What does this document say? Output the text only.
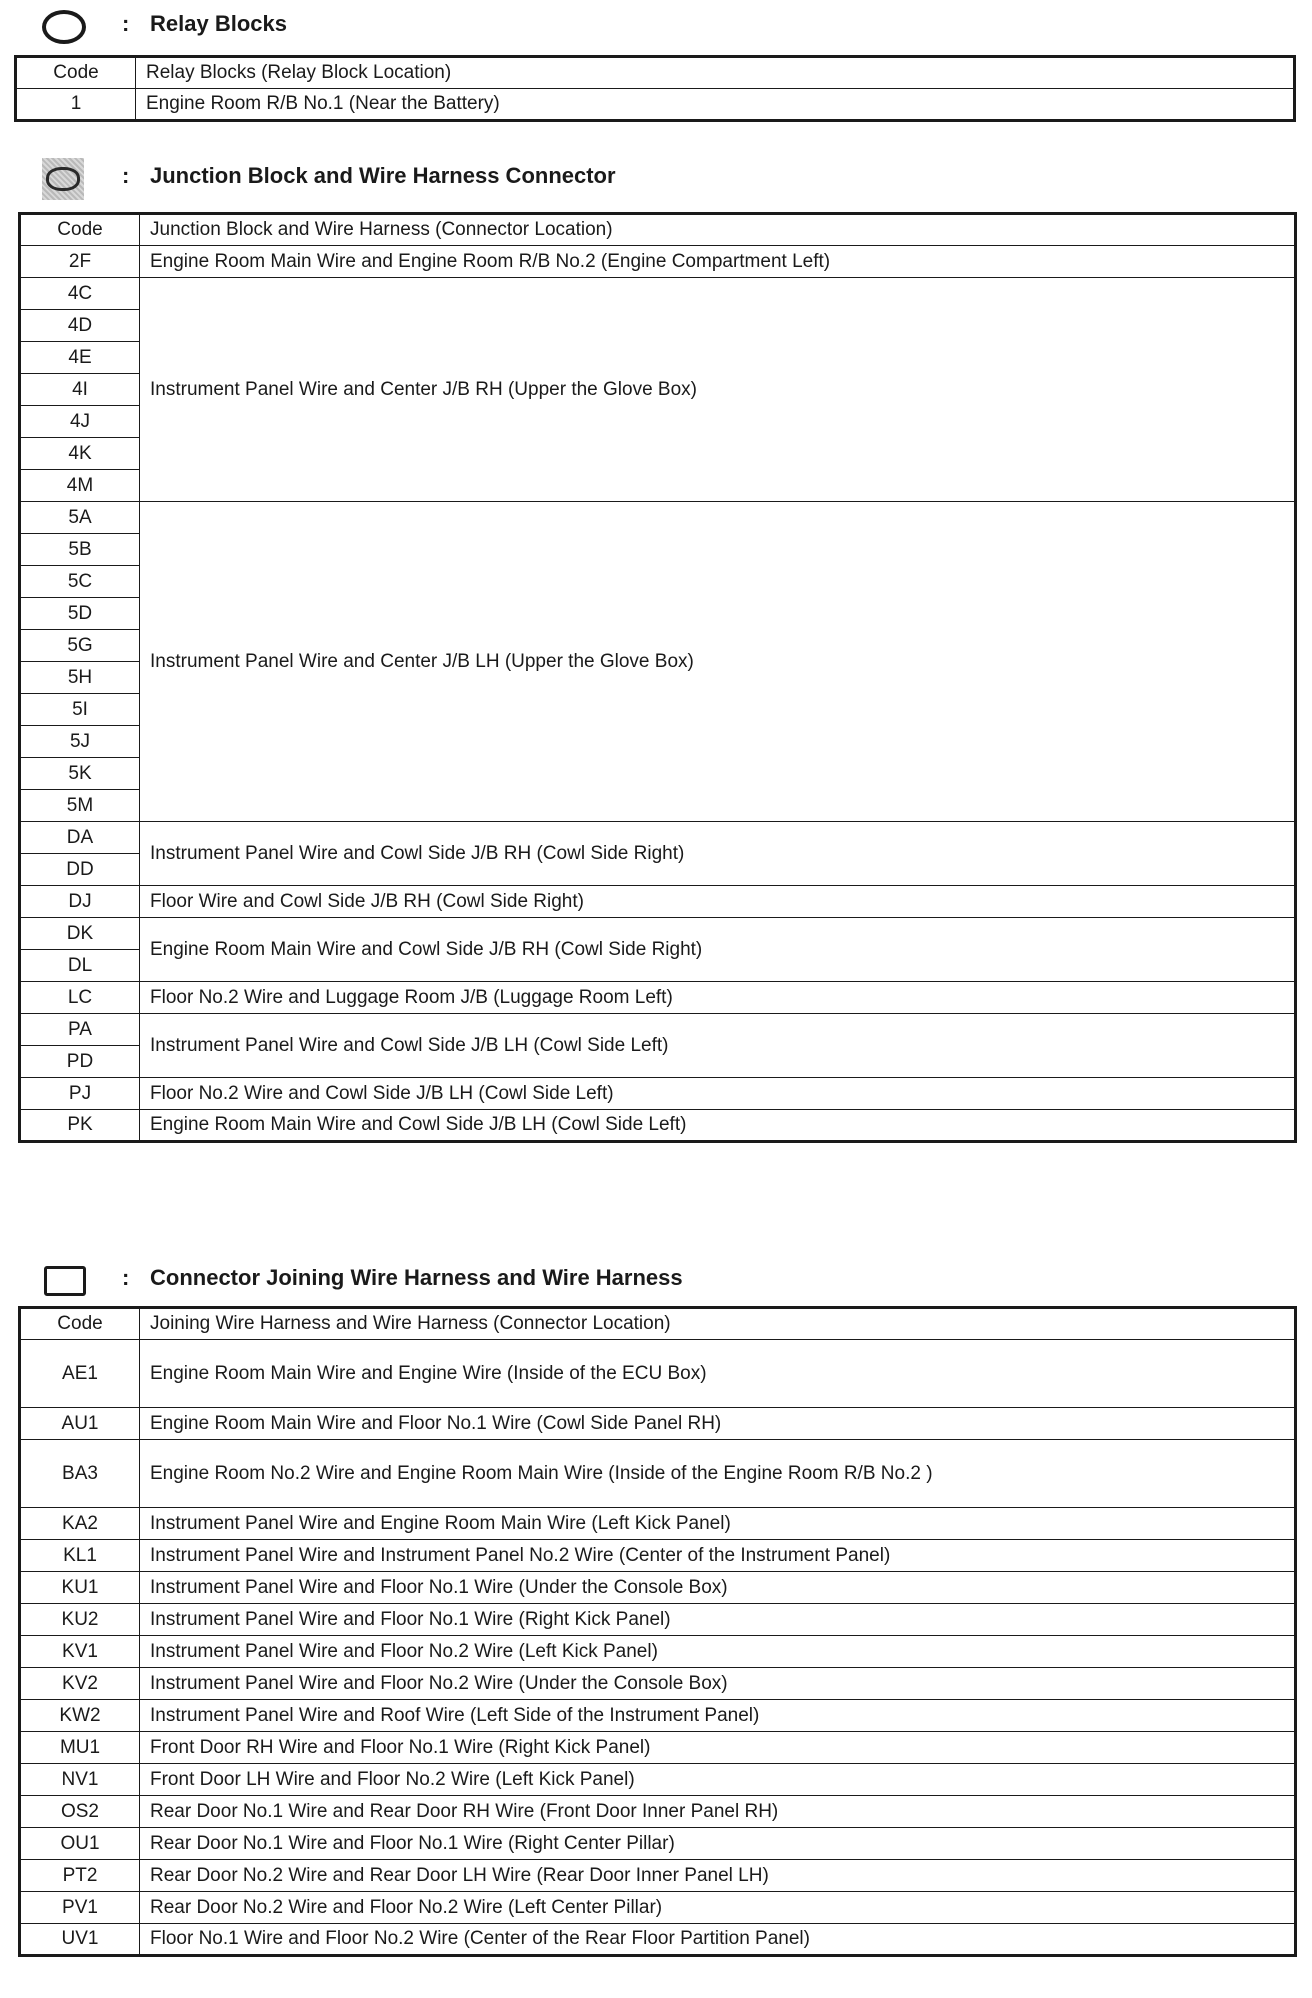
: Relay Blocks
Code	Relay Blocks (Relay Block Location)
1	Engine Room R/B No.1 (Near the Battery)
: Junction Block and Wire Harness Connector
Code	Junction Block and Wire Harness (Connector Location)
2F	Engine Room Main Wire and Engine Room R/B No.2 (Engine Compartment Left)
4C	Instrument Panel Wire and Center J/B RH (Upper the Glove Box)
4D	
4E	
4I	
4J	
4K	
4M	
5A	Instrument Panel Wire and Center J/B LH (Upper the Glove Box)
5B	
5C	
5D	
5G	
5H	
5I	
5J	
5K	
5M	
DA	Instrument Panel Wire and Cowl Side J/B RH (Cowl Side Right)
DD	
DJ	Floor Wire and Cowl Side J/B RH (Cowl Side Right)
DK	Engine Room Main Wire and Cowl Side J/B RH (Cowl Side Right)
DL	
LC	Floor No.2 Wire and Luggage Room J/B (Luggage Room Left)
PA	Instrument Panel Wire and Cowl Side J/B LH (Cowl Side Left)
PD	
PJ	Floor No.2 Wire and Cowl Side J/B LH (Cowl Side Left)
PK	Engine Room Main Wire and Cowl Side J/B LH (Cowl Side Left)
: Connector Joining Wire Harness and Wire Harness
Code	Joining Wire Harness and Wire Harness (Connector Location)
AE1	Engine Room Main Wire and Engine Wire (Inside of the ECU Box)
AU1	Engine Room Main Wire and Floor No.1 Wire (Cowl Side Panel RH)
BA3	Engine Room No.2 Wire and Engine Room Main Wire (Inside of the Engine Room R/B No.2 )
KA2	Instrument Panel Wire and Engine Room Main Wire (Left Kick Panel)
KL1	Instrument Panel Wire and Instrument Panel No.2 Wire (Center of the Instrument Panel)
KU1	Instrument Panel Wire and Floor No.1 Wire (Under the Console Box)
KU2	Instrument Panel Wire and Floor No.1 Wire (Right Kick Panel)
KV1	Instrument Panel Wire and Floor No.2 Wire (Left Kick Panel)
KV2	Instrument Panel Wire and Floor No.2 Wire (Under the Console Box)
KW2	Instrument Panel Wire and Roof Wire (Left Side of the Instrument Panel)
MU1	Front Door RH Wire and Floor No.1 Wire (Right Kick Panel)
NV1	Front Door LH Wire and Floor No.2 Wire (Left Kick Panel)
OS2	Rear Door No.1 Wire and Rear Door RH Wire (Front Door Inner Panel RH)
OU1	Rear Door No.1 Wire and Floor No.1 Wire (Right Center Pillar)
PT2	Rear Door No.2 Wire and Rear Door LH Wire (Rear Door Inner Panel LH)
PV1	Rear Door No.2 Wire and Floor No.2 Wire (Left Center Pillar)
UV1	Floor No.1 Wire and Floor No.2 Wire (Center of the Rear Floor Partition Panel)
